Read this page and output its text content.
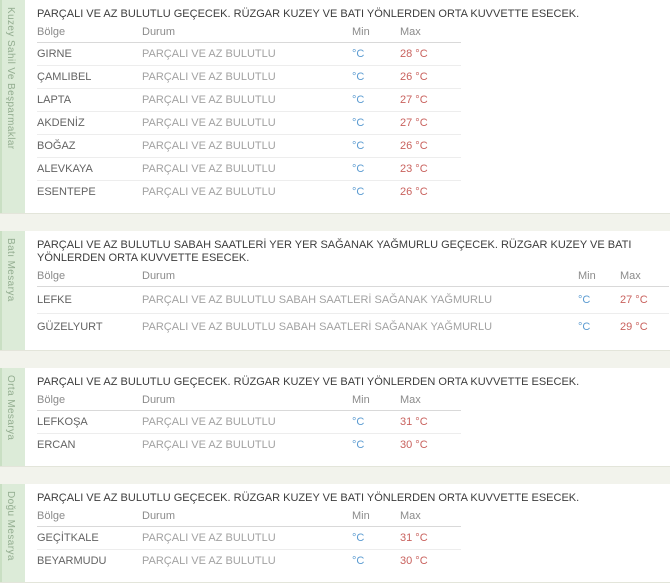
Kuzey Sahil Ve Beşparmaklar PARÇALI VE AZ BULUTLU GEÇECEK. RÜZGAR KUZEY VE BATI YÖNLERDEN ORTA KUVVETTE ESECEK.

Bölge	Durum	Min	Max
GIRNE	PARÇALI VE AZ BULUTLU	°C	28 °C
ÇAMLIBEL	PARÇALI VE AZ BULUTLU	°C	26 °C
LAPTA	PARÇALI VE AZ BULUTLU	°C	27 °C
AKDENİZ	PARÇALI VE AZ BULUTLU	°C	27 °C
BOĞAZ	PARÇALI VE AZ BULUTLU	°C	26 °C
ALEVKAYA	PARÇALI VE AZ BULUTLU	°C	23 °C
ESENTEPE	PARÇALI VE AZ BULUTLU	°C	26 °C
Batı Mesarya PARÇALI VE AZ BULUTLU SABAH SAATLERİ YER YER SAĞANAK YAĞMURLU GEÇECEK. RÜZGAR KUZEY VE BATI YÖNLERDEN ORTA KUVVETTE ESECEK.

Bölge	Durum	Min	Max
LEFKE	PARÇALI VE AZ BULUTLU SABAH SAATLERİ SAĞANAK YAĞMURLU	°C	27 °C
GÜZELYURT	PARÇALI VE AZ BULUTLU SABAH SAATLERİ SAĞANAK YAĞMURLU	°C	29 °C
Orta Mesarya PARÇALI VE AZ BULUTLU GEÇECEK. RÜZGAR KUZEY VE BATI YÖNLERDEN ORTA KUVVETTE ESECEK.

Bölge	Durum	Min	Max
LEFKOŞA	PARÇALI VE AZ BULUTLU	°C	31 °C
ERCAN	PARÇALI VE AZ BULUTLU	°C	30 °C
Doğu Mesarya PARÇALI VE AZ BULUTLU GEÇECEK. RÜZGAR KUZEY VE BATI YÖNLERDEN ORTA KUVVETTE ESECEK.

Bölge	Durum	Min	Max
GEÇİTKALE	PARÇALI VE AZ BULUTLU	°C	31 °C
BEYARMUDU	PARÇALI VE AZ BULUTLU	°C	30 °C
